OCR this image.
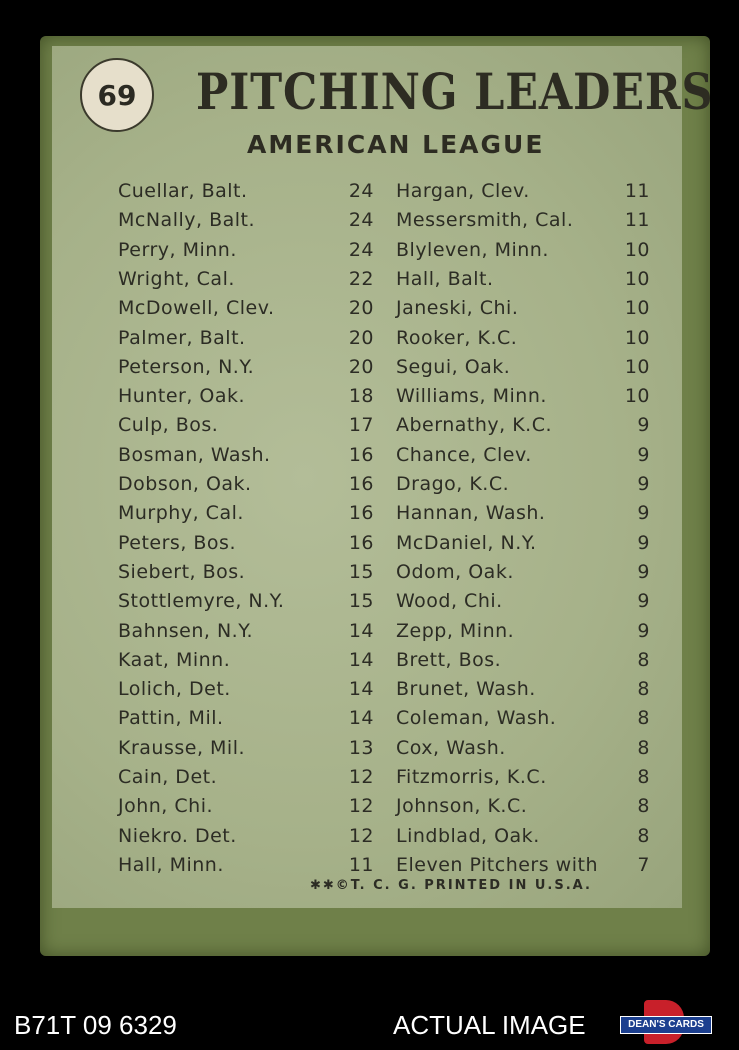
69 PITCHING LEADERS
AMERICAN LEAGUE
Cuellar, Balt.	24 Hargan, Clev.	11
McNally, Balt.	24 Messersmith, Cal.	11
Perry, Minn.	24 Blyleven, Minn.	10
Wright, Cal.	22 Hall, Balt.	10
McDowell, Clev.	20 Janeski, Chi.	10
Palmer, Balt.	20 Rooker, K.C.	10
Peterson, N.Y.	20 Segui, Oak.	10
Hunter, Oak.	18 Williams, Minn.	10
Culp, Bos.	17 Abernathy, K.C.	9
Bosman, Wash.	16 Chance, Clev.	9
Dobson, Oak.	16 Drago, K.C.	9
Murphy, Cal.	16 Hannan, Wash.	9
Peters, Bos.	16 McDaniel, N.Y.	9
Siebert, Bos.	15 Odom, Oak.	9
Stottlemyre, N.Y.	15 Wood, Chi.	9
Bahnsen, N.Y.	14 Zepp, Minn.	9
Kaat, Minn.	14 Brett, Bos.	8
Lolich, Det.	14 Brunet, Wash.	8
Pattin, Mil.	14 Coleman, Wash.	8
Krausse, Mil.	13 Cox, Wash.	8
Cain, Det.	12 Fitzmorris, K.C.	8
John, Chi.	12 Johnson, K.C.	8
Niekro. Det.	12 Lindblad, Oak.	8
Hall, Minn.	11 Eleven Pitchers with	7
✱✱©T. C. G. PRINTED IN U.S.A.
B71T 09 6329	ACTUAL IMAGE	DEAN'S CARDS
